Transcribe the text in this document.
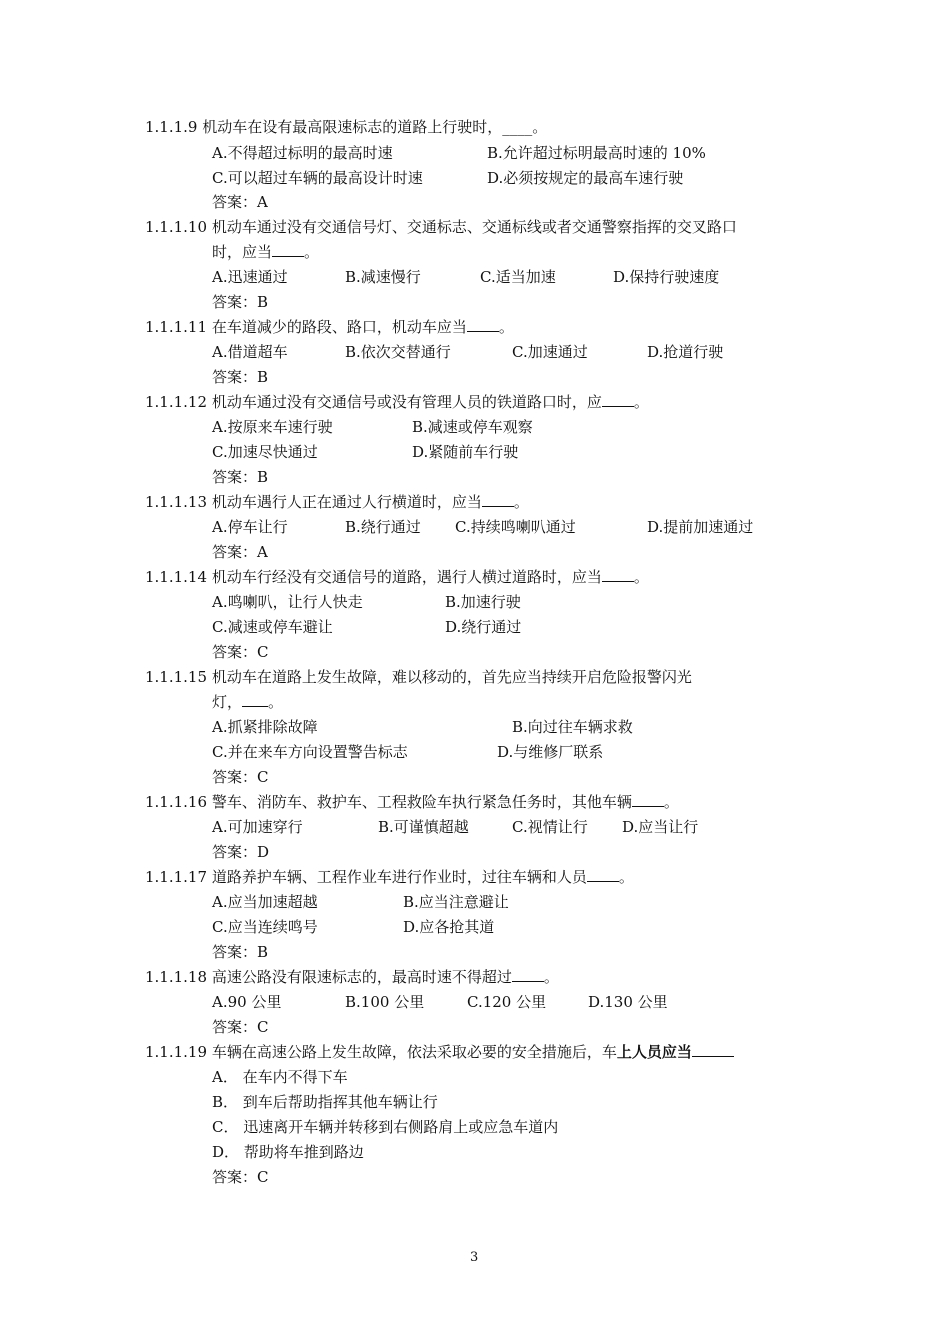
1.1.1.9 机动车在设有最高限速标志的道路上行驶时，____。
A.不得超过标明的最高时速	B.允许超过标明最高时速的 10%
C.可以超过车辆的最高设计时速	D.必须按规定的最高车速行驶
答案：A
1.1.1.10 机动车通过没有交通信号灯、交通标志、交通标线或者交通警察指挥的交叉路口
时，应当 。
A.迅速通过	B.减速慢行	C.适当加速	D.保持行驶速度
答案：B
1.1.1.11 在车道减少的路段、路口，机动车应当 。
A.借道超车	B.依次交替通行	C.加速通过	D.抢道行驶
答案：B
1.1.1.12 机动车通过没有交通信号或没有管理人员的铁道路口时，应 。
A.按原来车速行驶	B.减速或停车观察
C.加速尽快通过	D.紧随前车行驶
答案：B
1.1.1.13 机动车遇行人正在通过人行横道时，应当 。
A.停车让行	B.绕行通过 C.持续鸣喇叭通过	D.提前加速通过
答案：A
1.1.1.14 机动车行经没有交通信号的道路，遇行人横过道路时，应当 。
A.鸣喇叭，让行人快走	B.加速行驶
C.减速或停车避让	D.绕行通过
答案：C
1.1.1.15 机动车在道路上发生故障，难以移动的，首先应当持续开启危险报警闪光
灯， 。
A.抓紧排除故障	B.向过往车辆求救
C.并在来车方向设置警告标志	D.与维修厂联系
答案：C
1.1.1.16 警车、消防车、救护车、工程救险车执行紧急任务时，其他车辆 。
A.可加速穿行	B.可谨慎超越	C.视情让行 D.应当让行
答案：D
1.1.1.17 道路养护车辆、工程作业车进行作业时，过往车辆和人员 。
A.应当加速超越	B.应当注意避让
C.应当连续鸣号	D.应各抢其道
答案：B
1.1.1.18 高速公路没有限速标志的，最高时速不得超过 。
A.90 公里	B.100 公里	C.120 公里	D.130 公里
答案：C
1.1.1.19 车辆在高速公路上发生故障，依法采取必要的安全措施后，车上人员应当
A． 在车内不得下车
B． 到车后帮助指挥其他车辆让行
C． 迅速离开车辆并转移到右侧路肩上或应急车道内
D． 帮助将车推到路边
答案：C
3
